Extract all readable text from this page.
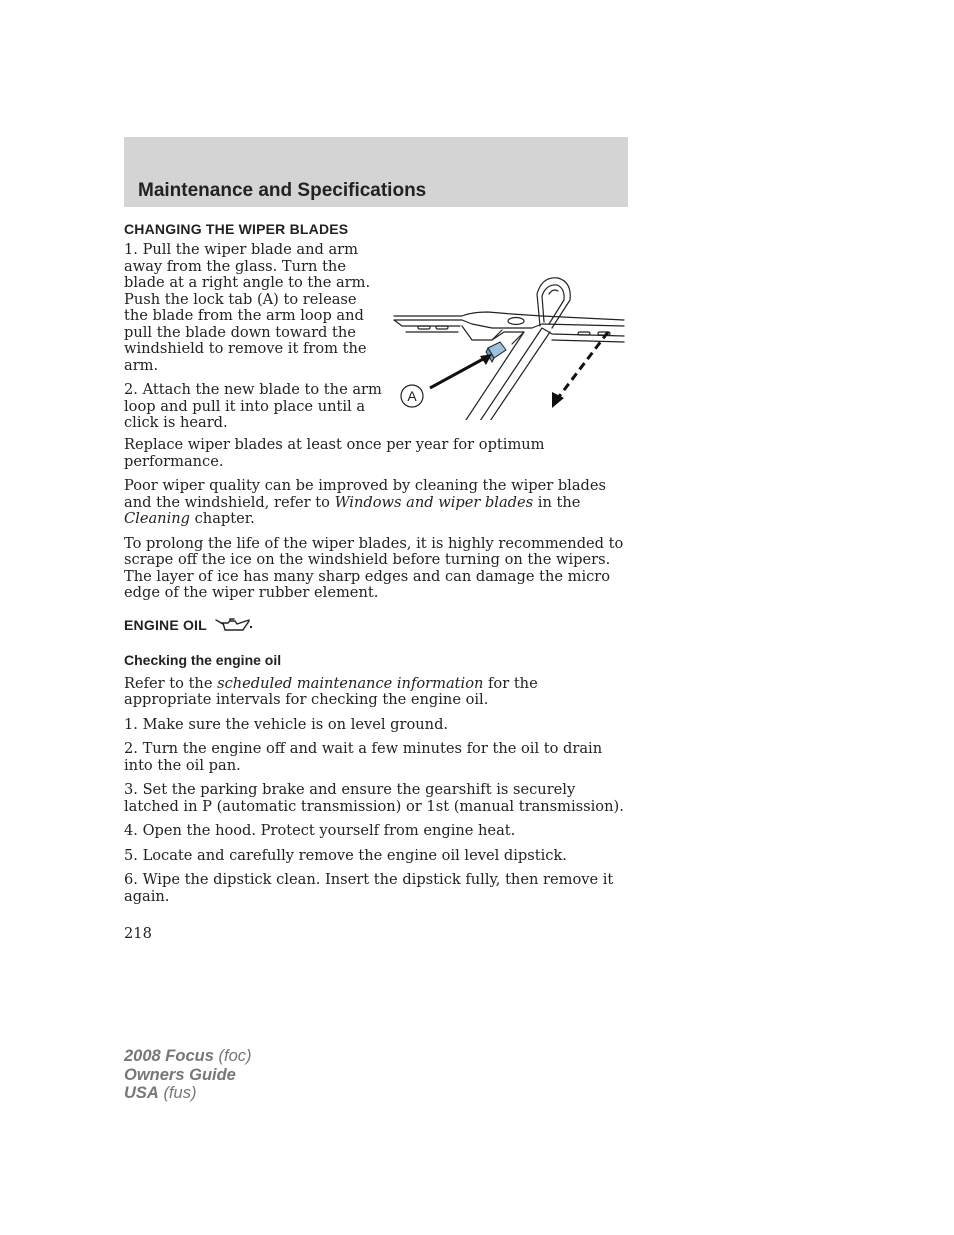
Maintenance and Specifications
CHANGING THE WIPER BLADES

1. Pull the wiper blade and arm away from the glass. Turn the blade at a right angle to the arm. Push the lock tab (A) to release the blade from the arm loop and pull the blade down toward the windshield to remove it from the arm.

2. Attach the new blade to the arm loop and pull it into place until a click is heard.

A

Replace wiper blades at least once per year for optimum performance.

Poor wiper quality can be improved by cleaning the wiper blades and the windshield, refer to Windows and wiper blades in the Cleaning chapter.

To prolong the life of the wiper blades, it is highly recommended to scrape off the ice on the windshield before turning on the wipers. The layer of ice has many sharp edges and can damage the micro edge of the wiper rubber element.

ENGINE OIL
Checking the engine oil

Refer to the scheduled maintenance information for the appropriate intervals for checking the engine oil.

1. Make sure the vehicle is on level ground.

2. Turn the engine off and wait a few minutes for the oil to drain into the oil pan.

3. Set the parking brake and ensure the gearshift is securely latched in P (automatic transmission) or 1st (manual transmission).

4. Open the hood. Protect yourself from engine heat.

5. Locate and carefully remove the engine oil level dipstick.

6. Wipe the dipstick clean. Insert the dipstick fully, then remove it again.

218
2008 Focus (foc)
Owners Guide
USA (fus)
